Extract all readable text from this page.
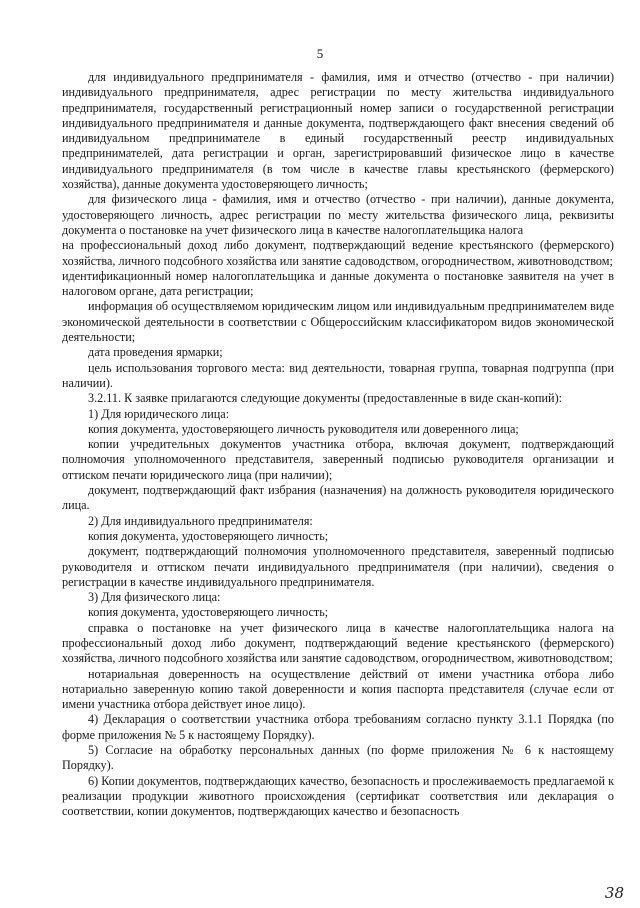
5

для индивидуального предпринимателя - фамилия, имя и отчество (отчество - при наличии) индивидуального предпринимателя, адрес регистрации по месту жительства индивидуального предпринимателя, государственный регистрационный номер записи о государственной регистрации индивидуального предпринимателя и данные документа, подтверждающего факт внесения сведений об индивидуальном предпринимателе в единый государственный реестр индивидуальных предпринимателей, дата регистрации и орган, зарегистрировавший физическое лицо в качестве индивидуального предпринимателя (в том числе в качестве главы крестьянского (фермерского) хозяйства), данные документа удостоверяющего личность;

для физического лица - фамилия, имя и отчество (отчество - при наличии), данные документа, удостоверяющего личность, адрес регистрации по месту жительства физического лица, реквизиты документа о постановке на учет физического лица в качестве налогоплательщика налога

на профессиональный доход либо документ, подтверждающий ведение крестьянского (фермерского) хозяйства, личного подсобного хозяйства или занятие садоводством, огородничеством, животноводством;

идентификационный номер налогоплательщика и данные документа о постановке заявителя на учет в налоговом органе, дата регистрации;

информация об осуществляемом юридическим лицом или индивидуальным предпринимателем виде экономической деятельности в соответствии с Общероссийским классификатором видов экономической деятельности;

дата проведения ярмарки;

цель использования торгового места: вид деятельности, товарная группа, товарная подгруппа (при наличии).

3.2.11. К заявке прилагаются следующие документы (предоставленные в виде скан-копий):

1) Для юридического лица:

копия документа, удостоверяющего личность руководителя или доверенного лица;

копии учредительных документов участника отбора, включая документ, подтверждающий полномочия уполномоченного представителя, заверенный подписью руководителя организации и оттиском печати юридического лица (при наличии);

документ, подтверждающий факт избрания (назначения) на должность руководителя юридического лица.

2) Для индивидуального предпринимателя:

копия документа, удостоверяющего личность;

документ, подтверждающий полномочия уполномоченного представителя, заверенный подписью руководителя и оттиском печати индивидуального предпринимателя (при наличии), сведения о регистрации в качестве индивидуального предпринимателя.

3) Для физического лица:

копия документа, удостоверяющего личность;

справка о постановке на учет физического лица в качестве налогоплательщика налога на профессиональный доход либо документ, подтверждающий ведение крестьянского (фермерского) хозяйства, личного подсобного хозяйства или занятие садоводством, огородничеством, животноводством;

нотариальная доверенность на осуществление действий от имени участника отбора либо нотариально заверенную копию такой доверенности и копия паспорта представителя (случае если от имени участника отбора действует иное лицо).

4) Декларация о соответствии участника отбора требованиям согласно пункту 3.1.1 Порядка (по форме приложения № 5 к настоящему Порядку).

5) Согласие на обработку персональных данных (по форме приложения № 6 к настоящему Порядку).

6) Копии документов, подтверждающих качество, безопасность и прослеживаемость предлагаемой к реализации продукции животного происхождения (сертификат соответствия или декларация о соответствии, копии документов, подтверждающих качество и безопасность

38
